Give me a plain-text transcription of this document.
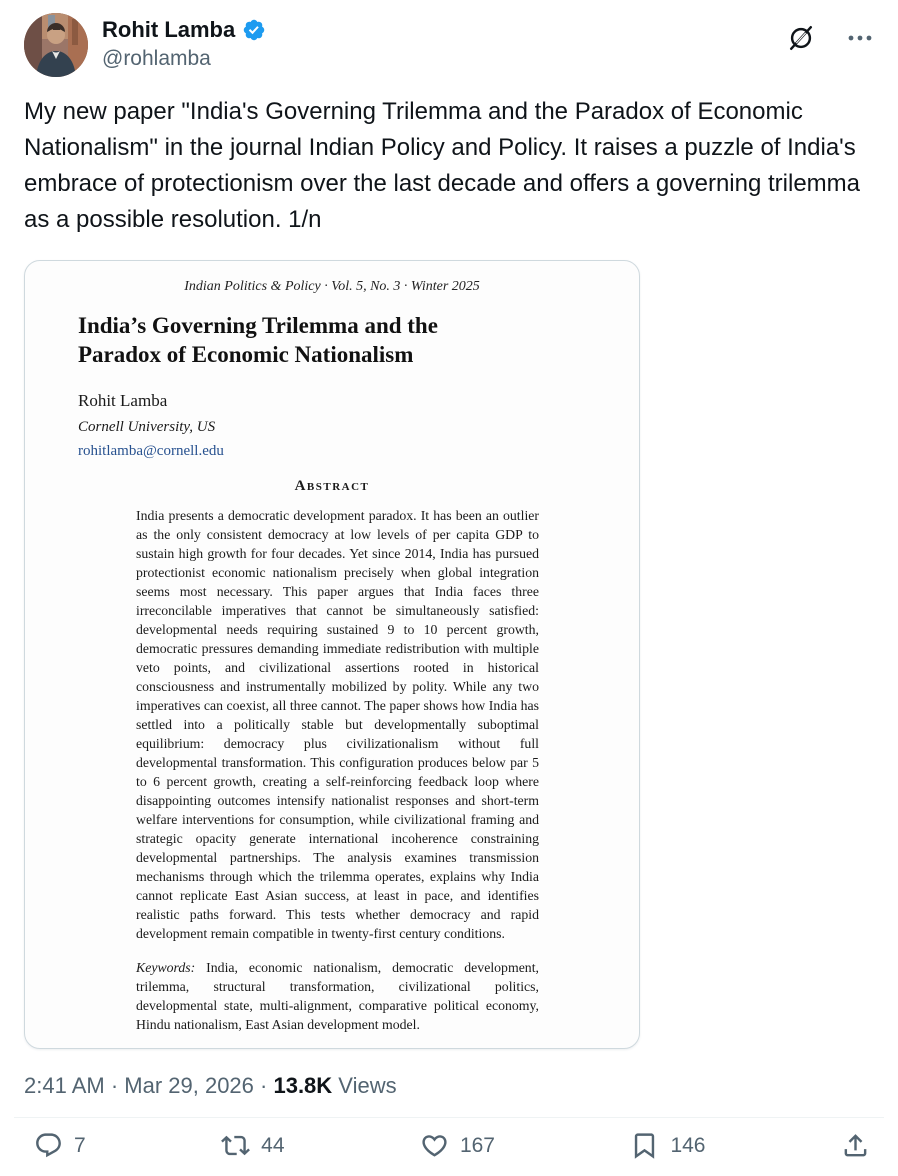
Rohit Lamba
@rohlamba
My new paper "India's Governing Trilemma and the Paradox of Economic Nationalism" in the journal Indian Policy and Policy. It raises a puzzle of India's embrace of protectionism over the last decade and offers a governing trilemma as a possible resolution. 1/n
Indian Politics & Policy · Vol. 5, No. 3 · Winter 2025
India’s Governing Trilemma and the Paradox of Economic Nationalism
Rohit Lamba
Cornell University, US
rohitlamba@cornell.edu
Abstract
India presents a democratic development paradox. It has been an outlier as the only consistent democracy at low levels of per capita GDP to sustain high growth for four decades. Yet since 2014, India has pursued protectionist economic nationalism precisely when global integration seems most necessary. This paper argues that India faces three irreconcilable imperatives that cannot be simultaneously satisfied: developmental needs requiring sustained 9 to 10 percent growth, democratic pressures demanding immediate redistribution with multiple veto points, and civilizational assertions rooted in historical consciousness and instrumentally mobilized by polity. While any two imperatives can coexist, all three cannot. The paper shows how India has settled into a politically stable but developmentally suboptimal equilibrium: democracy plus civilizationalism without full developmental transformation. This configuration produces below par 5 to 6 percent growth, creating a self-reinforcing feedback loop where disappointing outcomes intensify nationalist responses and short-term welfare interventions for consumption, while civilizational framing and strategic opacity generate international incoherence constraining developmental partnerships. The analysis examines transmission mechanisms through which the trilemma operates, explains why India cannot replicate East Asian success, at least in pace, and identifies realistic paths forward. This tests whether democracy and rapid development remain compatible in twenty-first century conditions.
Keywords: India, economic nationalism, democratic development, trilemma, structural transformation, civilizational politics, developmental state, multi-alignment, comparative political economy, Hindu nationalism, East Asian development model.
2:41 AM · Mar 29, 2026 · 13.8K Views
7	44	167	146
